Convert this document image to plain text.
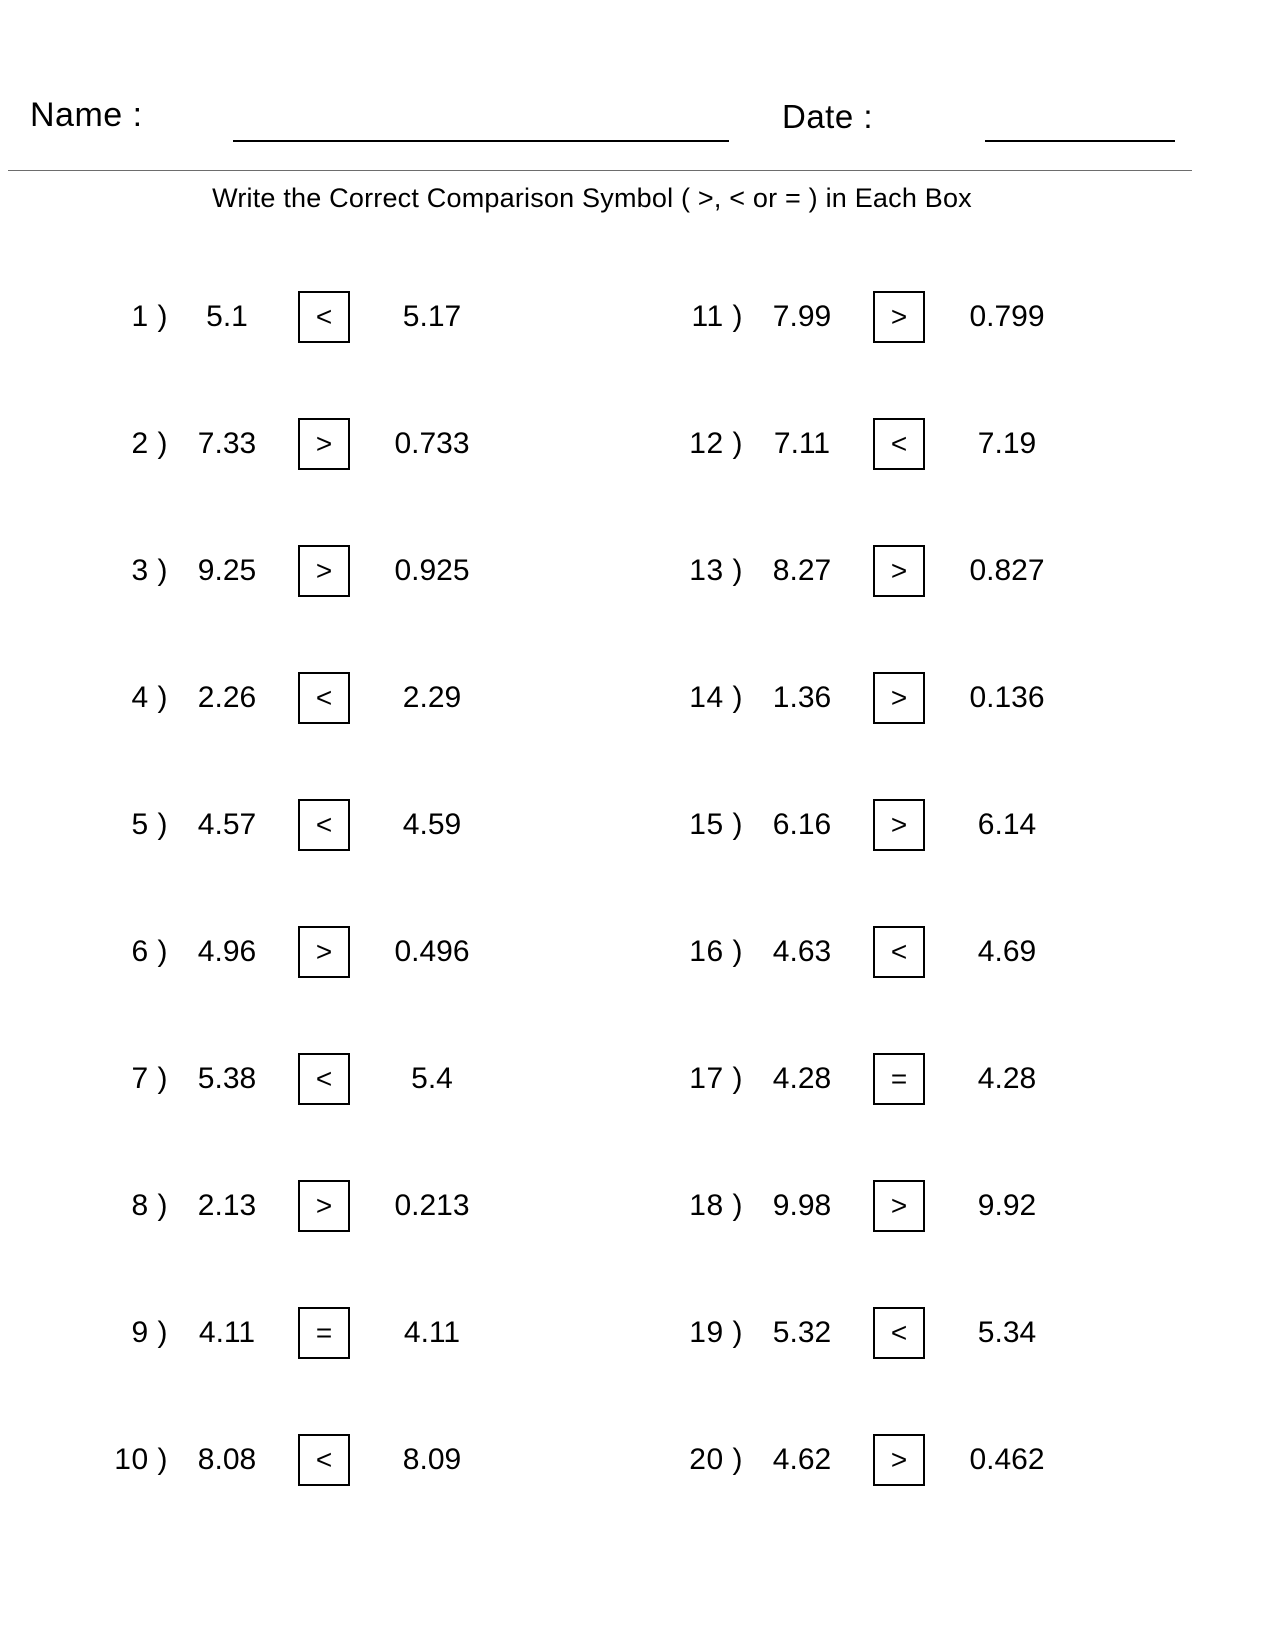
Name :	Date :
Write the Correct Comparison Symbol ( >, < or = ) in Each Box
1 )	5.1	<	5.17	11 ) 7.99	>	0.799
2 ) 7.33	>	0.733	12 )	7.11	<	7.19
3 ) 9.25	>	0.925	13 ) 8.27	>	0.827
4 ) 2.26	<	2.29	14 ) 1.36	>	0.136
5 ) 4.57	<	4.59	15 ) 6.16	>	6.14
6 ) 4.96	>	0.496	16 ) 4.63	<	4.69
7 ) 5.38	<	5.4	17 ) 4.28	=	4.28
8 ) 2.13	>	0.213	18 ) 9.98	>	9.92
9 )	4.11	=	4.11	19 ) 5.32	<	5.34
10 ) 8.08	<	8.09	20 ) 4.62	>	0.462
